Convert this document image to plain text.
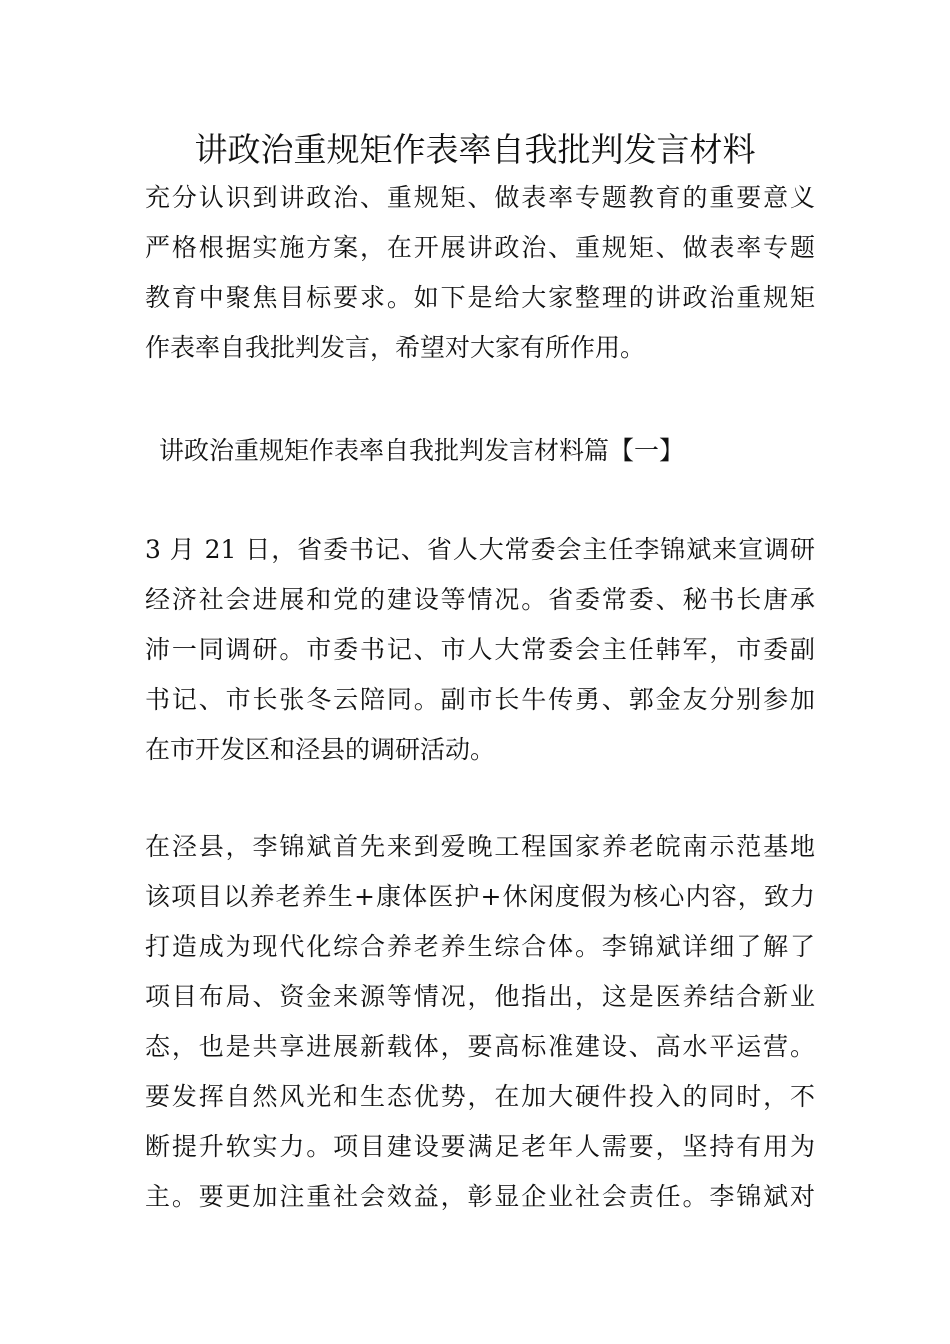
讲政治重规矩作表率自我批判发言材料
充分认识到讲政治、重规矩、做表率专题教育的重要意义
严格根据实施方案，在开展讲政治、重规矩、做表率专题
教育中聚焦目标要求。如下是给大家整理的讲政治重规矩
作表率自我批判发言，希望对大家有所作用。
讲政治重规矩作表率自我批判发言材料篇【一】
3 月 21 日，省委书记、省人大常委会主任李锦斌来宣调研
经济社会进展和党的建设等情况。省委常委、秘书长唐承
沛一同调研。市委书记、市人大常委会主任韩军，市委副
书记、市长张冬云陪同。副市长牛传勇、郭金友分别参加
在市开发区和泾县的调研活动。
在泾县，李锦斌首先来到爱晚工程国家养老皖南示范基地
该项目以养老养生+康体医护+休闲度假为核心内容，致力
打造成为现代化综合养老养生综合体。李锦斌详细了解了
项目布局、资金来源等情况，他指出，这是医养结合新业
态，也是共享进展新载体，要高标准建设、高水平运营。
要发挥自然风光和生态优势，在加大硬件投入的同时，不
断提升软实力。项目建设要满足老年人需要，坚持有用为
主。要更加注重社会效益，彰显企业社会责任。李锦斌对
